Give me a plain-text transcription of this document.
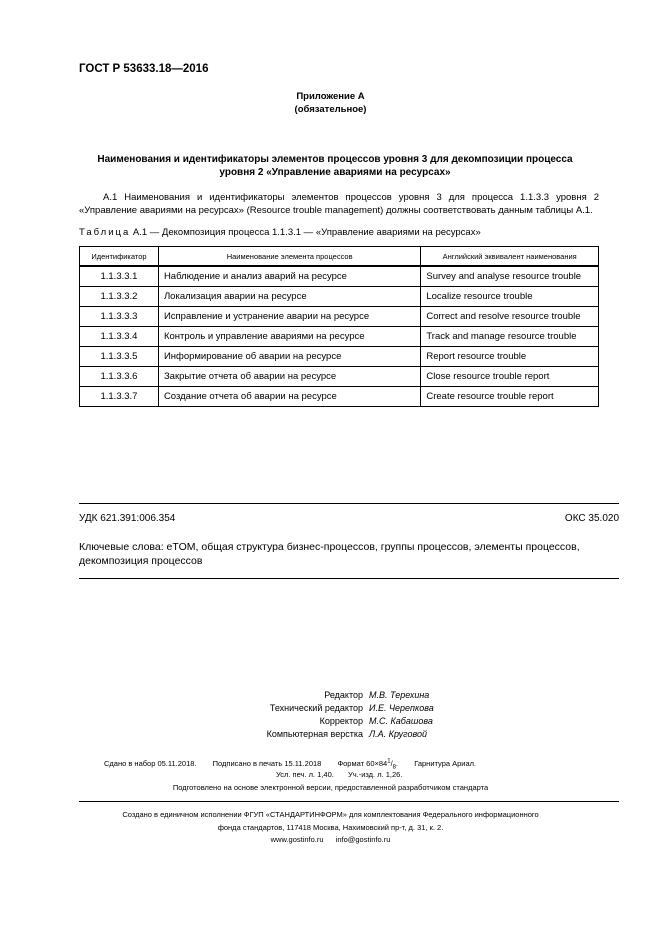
ГОСТ Р 53633.18—2016
Приложение А
(обязательное)
Наименования и идентификаторы элементов процессов уровня 3 для декомпозиции процесса
уровня 2 «Управление авариями на ресурсах»
А.1 Наименования и идентификаторы элементов процессов уровня 3 для процесса 1.1.3.3 уровня 2 «Управление авариями на ресурсах» (Resource trouble management) должны соответствовать данным таблицы А.1.
Таблица А.1 — Декомпозиция процесса 1.1.3.1 — «Управление авариями на ресурсах»
Идентификатор	Наименование элемента процессов	Английский эквивалент наименования
1.1.3.3.1	Наблюдение и анализ аварий на ресурсе	Survey and analyse resource trouble
1.1.3.3.2	Локализация аварии на ресурсе	Localize resource trouble
1.1.3.3.3	Исправление и устранение аварии на ресурсе	Correct and resolve resource trouble
1.1.3.3.4	Контроль и управление авариями на ресурсе	Track and manage resource trouble
1.1.3.3.5	Информирование об аварии на ресурсе	Report resource trouble
1.1.3.3.6	Закрытие отчета об аварии на ресурсе	Close resource trouble report
1.1.3.3.7	Создание отчета об аварии на ресурсе	Create resource trouble report
УДК 621.391:006.354	ОКС 35.020
Ключевые слова: eTOM, общая структура бизнес-процессов, группы процессов, элементы процессов, декомпозиция процессов
Редактор М.В. Терехина
Технический редактор И.Е. Черепкова
Корректор М.С. Кабашова
Компьютерная верстка Л.А. Круговой
Сдано в набор 05.11.2018. Подписано в печать 15.11.2018 Формат $60\times 84^1/_8$. Гарнитура Ариал.
Усл. печ. л. 1,40. Уч.-изд. л. 1,26.
Подготовлено на основе электронной версии, предоставленной разработчиком стандарта
Создано в единичном исполнении ФГУП «СТАНДАРТИНФОРМ» для комплектования Федерального информационного
фонда стандартов, 117418 Москва, Нахимовский пр-т, д. 31, к. 2.
www.gostinfo.ru info@gostinfo.ru
